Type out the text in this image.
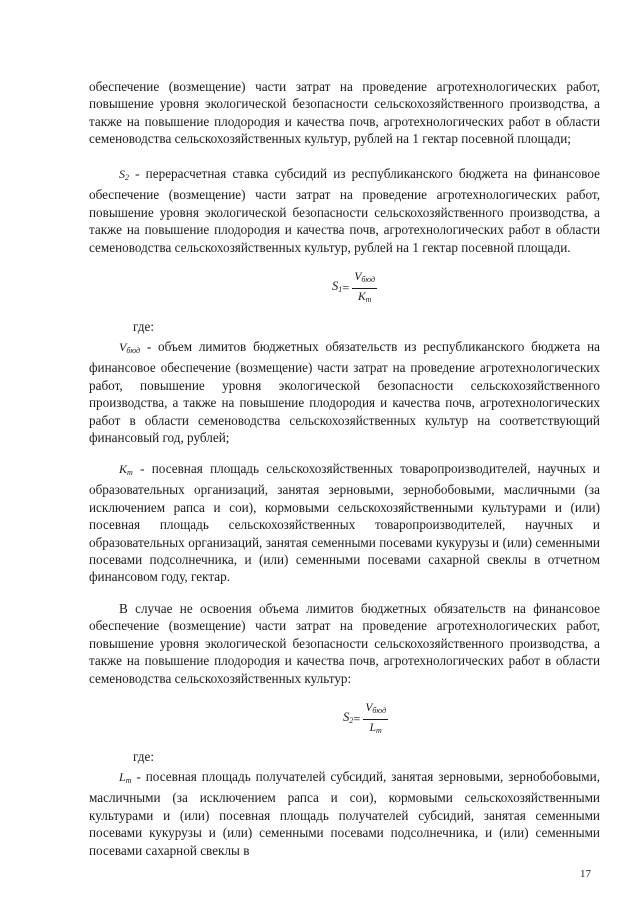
обеспечение (возмещение) части затрат на проведение агротехнологических работ, повышение уровня экологической безопасности сельскохозяйственного производства, а также на повышение плодородия и качества почв, агротехнологических работ в области семеноводства сельскохозяйственных культур, рублей на 1 гектар посевной площади;

$S_2$ - перерасчетная ставка субсидий из республиканского бюджета на финансовое обеспечение (возмещение) части затрат на проведение агротехнологических работ, повышение уровня экологической безопасности сельскохозяйственного производства, а также на повышение плодородия и качества почв, агротехнологических работ в области семеноводства сельскохозяйственных культур, рублей на 1 гектар посевной площади.

$S_1 = \frac{V_{бюд}}{K_т}$
где:

$V_{бюд}$ - объем лимитов бюджетных обязательств из республиканского бюджета на финансовое обеспечение (возмещение) части затрат на проведение агротехнологических работ, повышение уровня экологической безопасности сельскохозяйственного производства, а также на повышение плодородия и качества почв, агротехнологических работ в области семеноводства сельскохозяйственных культур на соответствующий финансовый год, рублей;

$K_т$ - посевная площадь сельскохозяйственных товаропроизводителей, научных и образовательных организаций, занятая зерновыми, зернобобовыми, масличными (за исключением рапса и сои), кормовыми сельскохозяйственными культурами и (или) посевная площадь сельскохозяйственных товаропроизводителей, научных и образовательных организаций, занятая семенными посевами кукурузы и (или) семенными посевами подсолнечника, и (или) семенными посевами сахарной свеклы в отчетном финансовом году, гектар.

В случае не освоения объема лимитов бюджетных обязательств на финансовое обеспечение (возмещение) части затрат на проведение агротехнологических работ, повышение уровня экологической безопасности сельскохозяйственного производства, а также на повышение плодородия и качества почв, агротехнологических работ в области семеноводства сельскохозяйственных культур:

$S_2 = \frac{V_{бюд}}{L_т}$
где:

$L_т$ - посевная площадь получателей субсидий, занятая зерновыми, зернобобовыми, масличными (за исключением рапса и сои), кормовыми сельскохозяйственными культурами и (или) посевная площадь получателей субсидий, занятая семенными посевами кукурузы и (или) семенными посевами подсолнечника, и (или) семенными посевами сахарной свеклы в

17
